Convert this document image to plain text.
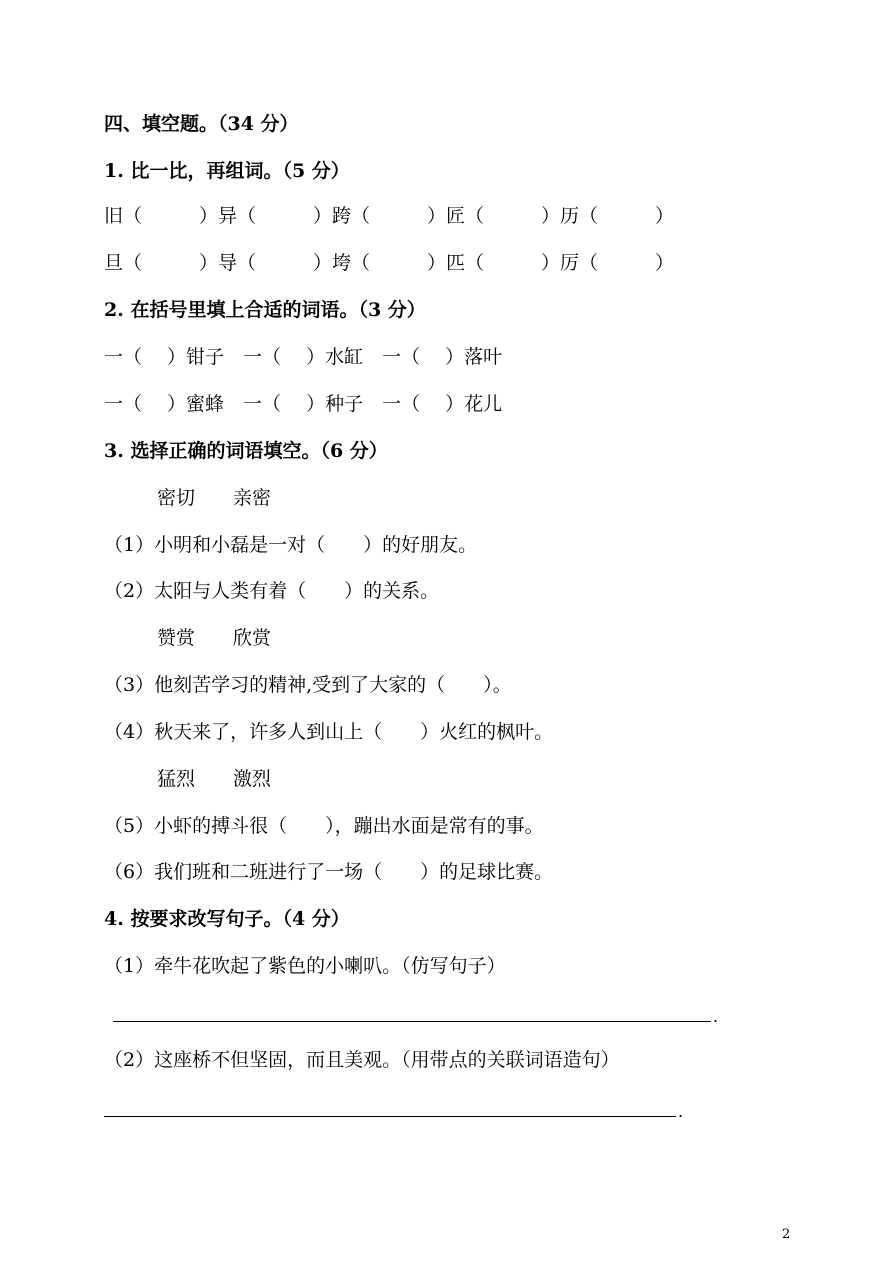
四、填空题。（34 分）
1. 比一比，再组词。（5 分）
旧（　　　）异（　　　）跨（　　　）匠（　　　）历（　　　）
旦（　　　）导（　　　）垮（　　　）匹（　　　）厉（　　　）
2. 在括号里填上合适的词语。（3 分）
一（　 ）钳子　一（　 ）水缸　一（　 ）落叶
一（　 ）蜜蜂　一（　 ）种子　一（　 ）花儿
3. 选择正确的词语填空。（6 分）
密切　　亲密
（1）小明和小磊是一对（　　）的好朋友。
（2）太阳与人类有着（　　）的关系。
赞赏　　欣赏
（3）他刻苦学习的精神,受到了大家的（　　）。
（4）秋天来了，许多人到山上（　　）火红的枫叶。
猛烈　　激烈
（5）小虾的搏斗很（　　），蹦出水面是常有的事。
（6）我们班和二班进行了一场（　　）的足球比赛。
4. 按要求改写句子。（4 分）
（1）牵牛花吹起了紫色的小喇叭。（仿写句子）
.
（2）这座桥不但坚固，而且美观。（用带点的关联词语造句）
.
2
